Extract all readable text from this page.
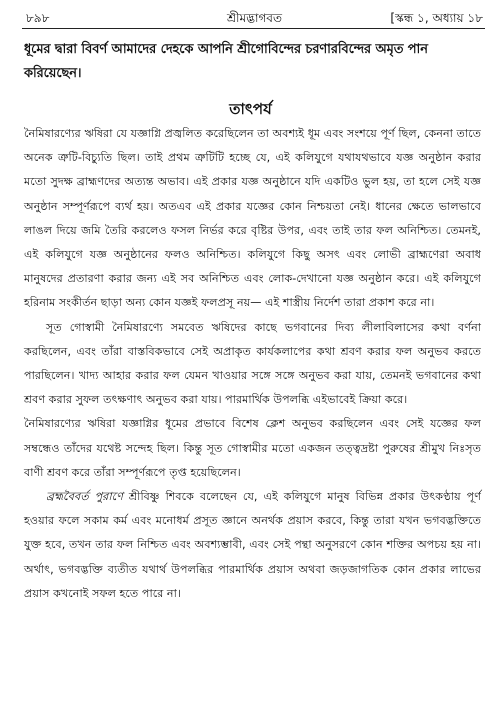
৮৯৮	শ্রীমদ্ভাগবত	[স্কন্ধ ১, অধ্যায় ১৮
ধূমের দ্বারা বিবর্ণ আমাদের দেহকে আপনি শ্রীগোবিন্দের চরণারবিন্দের অমৃত পান করিয়েছেন।
তাৎপর্য

নৈমিষারণ্যের ঋষিরা যে যজ্ঞাগ্নি প্রজ্বলিত করেছিলেন তা অবশ্যই ধূম এবং সংশয়ে পূর্ণ ছিল, কেননা তাতে অনেক ত্রুটি-বিচ্যুতি ছিল। তাই প্রথম ত্রুটিটি হচ্ছে যে, এই কলিযুগে যথাযথভাবে যজ্ঞ অনুষ্ঠান করার মতো সুদক্ষ ব্রাহ্মণদের অত্যন্ত অভাব। এই প্রকার যজ্ঞ অনুষ্ঠানে যদি একটিও ভুল হয়, তা হলে সেই যজ্ঞ অনুষ্ঠান সম্পূর্ণরূপে ব্যর্থ হয়। অতএব এই প্রকার যজ্ঞের কোন নিশ্চয়তা নেই। ধানের ক্ষেতে ভালভাবে লাঙল দিয়ে জমি তৈরি করলেও ফসল নির্ভর করে বৃষ্টির উপর, এবং তাই তার ফল অনিশ্চিত। তেমনই, এই কলিযুগে যজ্ঞ অনুষ্ঠানের ফলও অনিশ্চিত। কলিযুগে কিছু অসৎ এবং লোভী ব্রাহ্মণেরা অবাধ মানুষদের প্রতারণা করার জন্য এই সব অনিশ্চিত এবং লোক-দেখানো যজ্ঞ অনুষ্ঠান করে। এই কলিযুগে হরিনাম সংকীর্তন ছাড়া অন্য কোন যজ্ঞই ফলপ্রসূ নয়— এই শাস্ত্রীয় নির্দেশ তারা প্রকাশ করে না।

সূত গোস্বামী নৈমিষারণ্যে সমবেত ঋষিদের কাছে ভগবানের দিব্য লীলাবিলাসের কথা বর্ণনা করছিলেন, এবং তাঁরা বাস্তবিকভাবে সেই অপ্রাকৃত কার্যকলাপের কথা শ্রবণ করার ফল অনুভব করতে পারছিলেন। খাদ্য আহার করার ফল যেমন খাওয়ার সঙ্গে সঙ্গে অনুভব করা যায়, তেমনই ভগবানের কথা শ্রবণ করার সুফল তৎক্ষণাৎ অনুভব করা যায়। পারমার্থিক উপলব্ধি এইভাবেই ক্রিয়া করে।

নৈমিষারণ্যের ঋষিরা যজ্ঞাগ্নির ধূমের প্রভাবে বিশেষ ক্লেশ অনুভব করছিলেন এবং সেই যজ্ঞের ফল সম্বন্ধেও তাঁদের যথেষ্ট সন্দেহ ছিল। কিন্তু সূত গোস্বামীর মতো একজন তত্ত্বদ্রষ্টা পুরুষের শ্রীমুখ নিঃসৃত বাণী শ্রবণ করে তাঁরা সম্পূর্ণরূপে তৃপ্ত হয়েছিলেন।

ব্রহ্মবৈবর্ত পুরাণে শ্রীবিষ্ণু শিবকে বলেছেন যে, এই কলিযুগে মানুষ বিভিন্ন প্রকার উৎকণ্ঠায় পূর্ণ হওয়ার ফলে সকাম কর্ম এবং মনোধর্ম প্রসূত জ্ঞানে অনর্থক প্রয়াস করবে, কিন্তু তারা যখন ভগবদ্ভক্তিতে যুক্ত হবে, তখন তার ফল নিশ্চিত এবং অবশ্যম্ভাবী, এবং সেই পন্থা অনুসরণে কোন শক্তির অপচয় হয় না। অর্থাৎ, ভগবদ্ভক্তি ব্যতীত যথার্থ উপলব্ধির পারমার্থিক প্রয়াস অথবা জড়জাগতিক কোন প্রকার লাভের প্রয়াস কখনোই সফল হতে পারে না।
